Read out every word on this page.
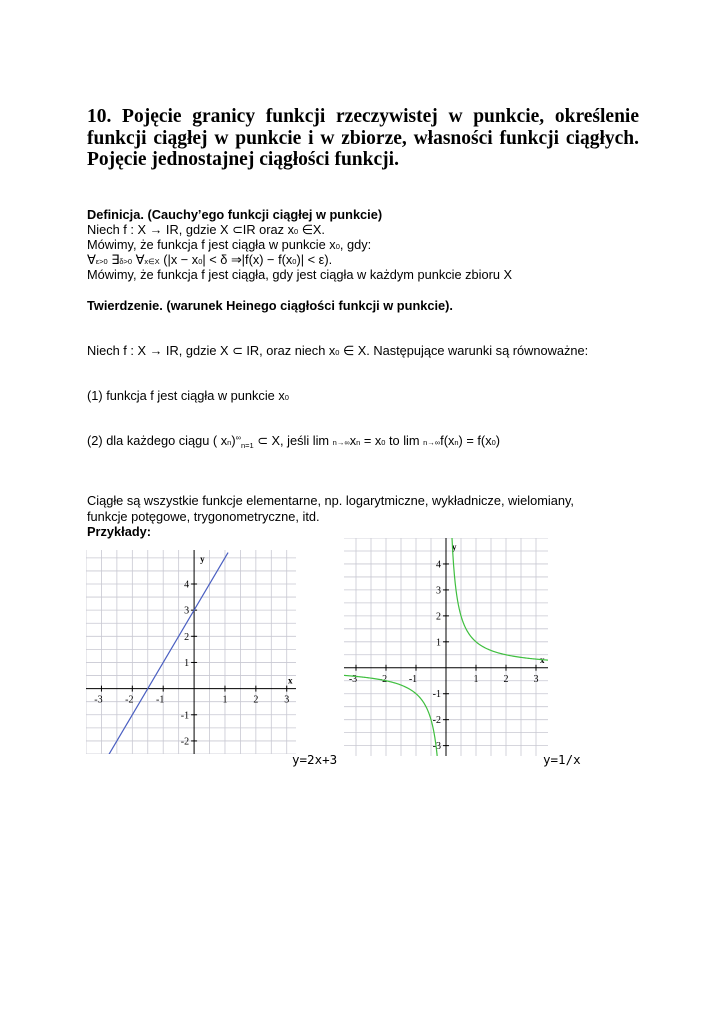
10. Pojęcie granicy funkcji rzeczywistej w punkcie, określenie funkcji ciągłej w punkcie i w zbiorze, własności funkcji ciągłych. Pojęcie jednostajnej ciągłości funkcji.

Definicja. (Cauchy’ego funkcji ciągłej w punkcie)

Niech f : X → IR, gdzie X ⊂IR oraz x0 ∈X.

Mówimy, że funkcja f jest ciągła w punkcie x0, gdy:

∀ε>0 ∃δ>0 ∀x∈X (|x − x0| < δ ⇒|f(x) − f(x0)| < ε).

Mówimy, że funkcja f jest ciągła, gdy jest ciągła w każdym punkcie zbioru X

Twierdzenie. (warunek Heinego ciągłości funkcji w punkcie).

Niech f : X → IR, gdzie X ⊂ IR, oraz niech x0 ∈ X. Następujące warunki są równoważne:

(1) funkcja f jest ciągła w punkcie x0

(2) dla każdego ciągu ( $xn)^\infty_{n=1}$ ⊂ X, jeśli lim n→∞xn = x0 to lim n→∞f(xn) = f(x0)

Ciągłe są wszystkie funkcje elementarne, np. logarytmiczne, wykładnicze, wielomiany,

funkcje potęgowe, trygonometryczne, itd.

Przykłady:

-3 -2 -1	1	2	3
4
3
2
1
-1
-2
x
y
-3 -2 -1	1	2	3
4
3
2
1
-1
-2
-3
x
y

y=2x+3	y=1/x
